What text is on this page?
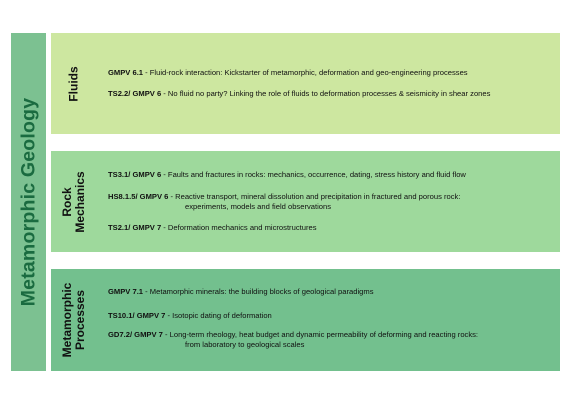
Metamorphic Geology
Fluids	GMPV 6.1 - Fluid-rock interaction: Kickstarter of metamorphic, deformation and geo-engineering processes
TS2.2/ GMPV 6 - No fluid no party? Linking the role of fluids to deformation processes & seismicity in shear zones
Rock Mechanics	TS3.1/ GMPV 6 - Faults and fractures in rocks: mechanics, occurrence, dating, stress history and fluid flow
HS8.1.5/ GMPV 6 - Reactive transport, mineral dissolution and precipitation in fractured and porous rock:
experiments, models and field observations
TS2.1/ GMPV 7 - Deformation mechanics and microstructures
Metamorphic Processes	GMPV 7.1 - Metamorphic minerals: the building blocks of geological paradigms
TS10.1/ GMPV 7 - Isotopic dating of deformation
GD7.2/ GMPV 7 - Long-term rheology, heat budget and dynamic permeability of deforming and reacting rocks:
from laboratory to geological scales
